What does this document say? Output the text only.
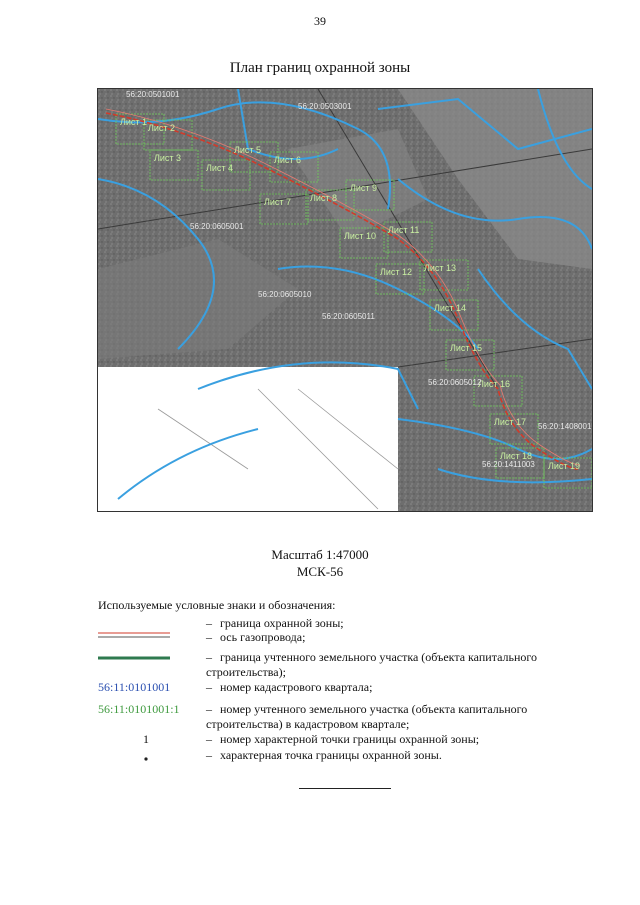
39
План границ охранной зоны
Лист 1
Лист 2
Лист 3
Лист 4
Лист 5
Лист 6
Лист 7 Лист 8
Лист 9
Лист 10
Лист 11
Лист 12 Лист 13
Лист 14
Лист 15
Лист 16
Лист 17
Лист 18
Лист 19
56:20:0501001
56:20:0503001
56:20:0605001
56:20:0605010
56:20:0605011
56:20:0605012
56:20:1408001
56:20:1411003
Масштаб 1:47000
МСК-56
Используемые условные знаки и обозначения:
– граница охранной зоны;
– ось газопровода;
– граница учтенного земельного участка (объекта капитального строительства);
56:11:0101001	– номер кадастрового квартала;
56:11:0101001:1	– номер учтенного земельного участка (объекта капитального строительства) в кадастровом квартале;
1	– номер характерной точки границы охранной зоны;
– характерная точка границы охранной зоны.
